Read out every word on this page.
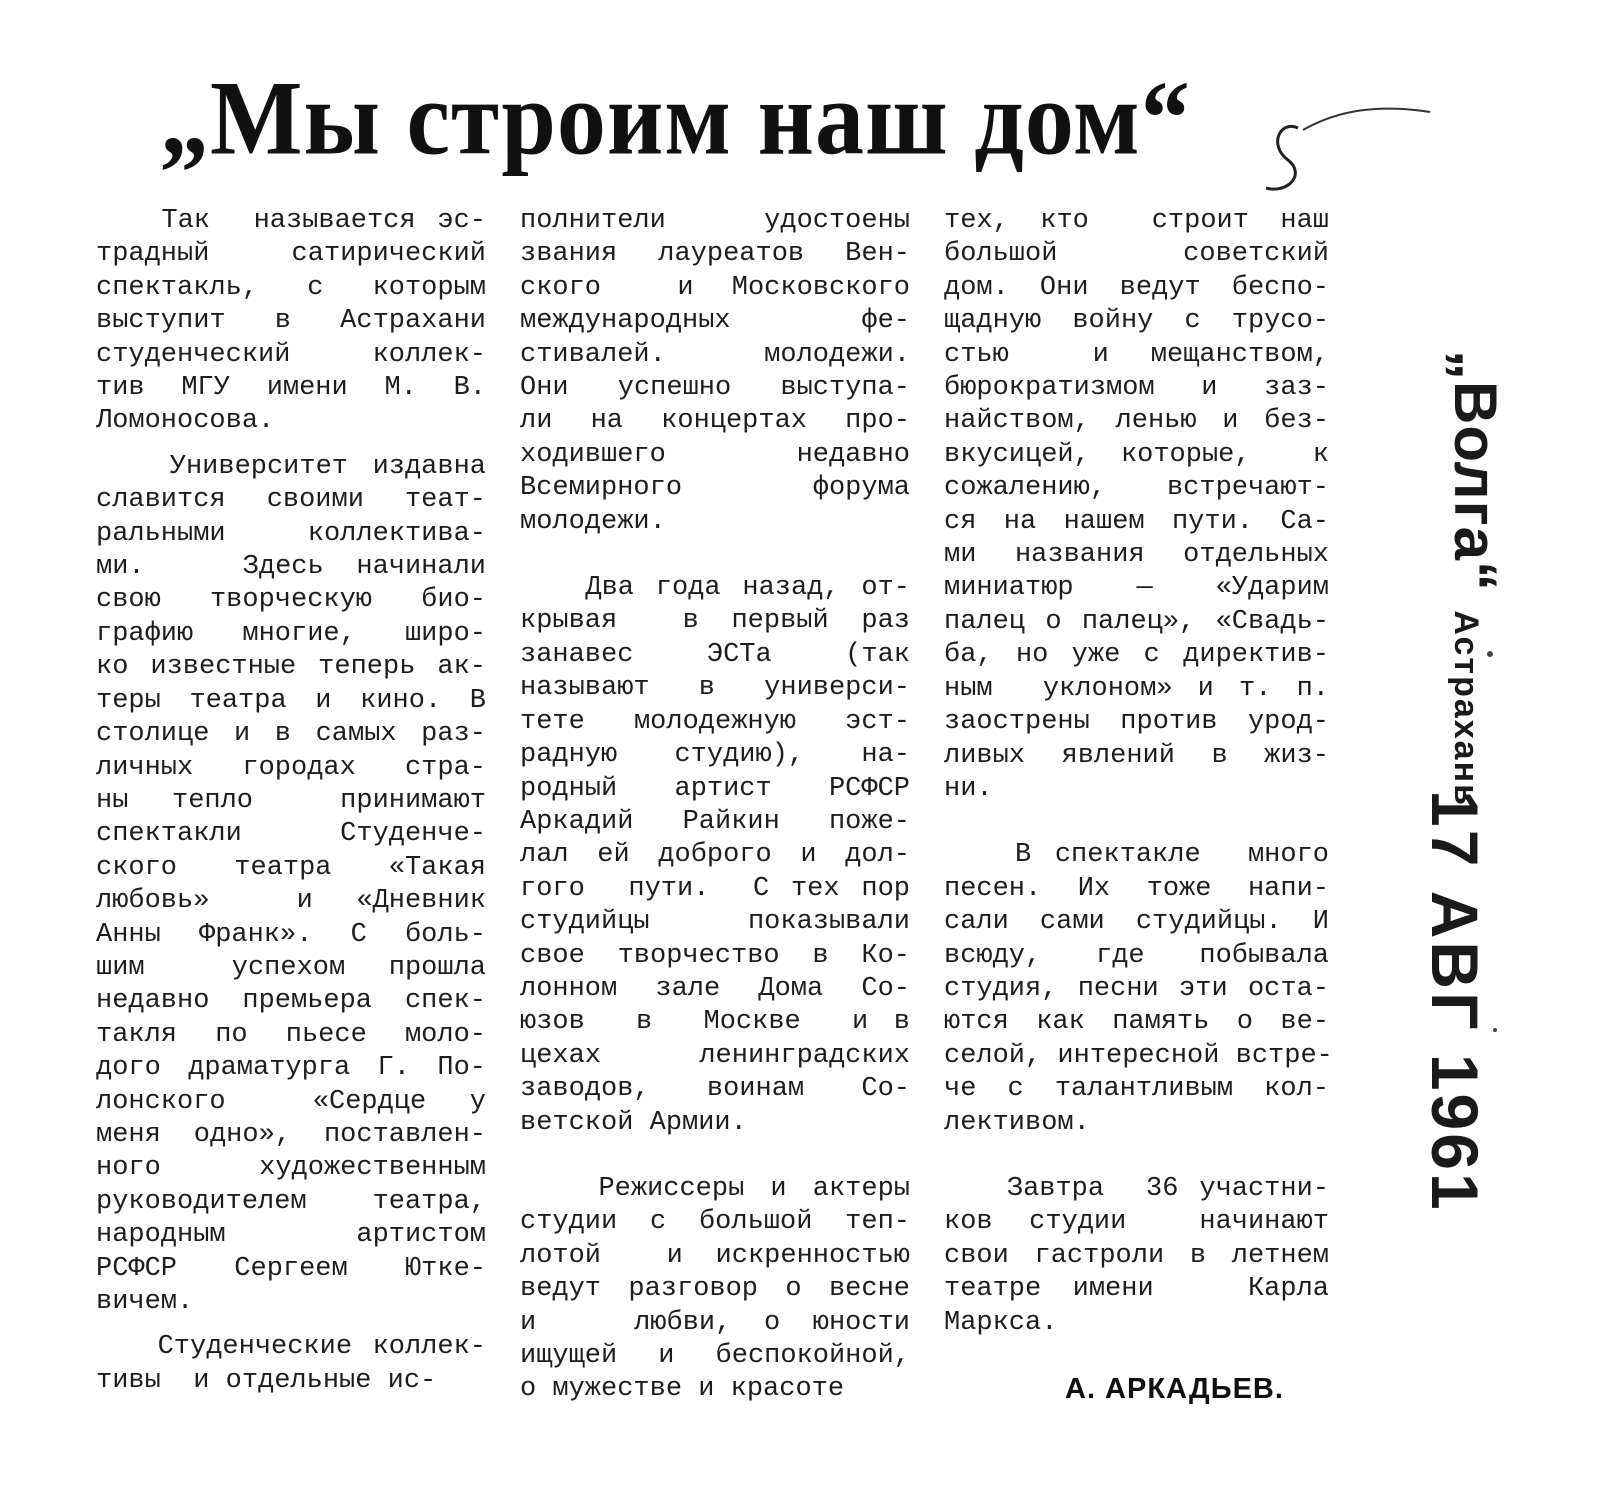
„Мы строим наш дом“
Так  называется эс-
традный  сатирический
спектакль, с которым
выступит в Астрахани
студенческий  коллек-
тив МГУ имени М. В.
Ломоносова.
Университет издавна
славится своими теат-
ральными коллектива-
ми.   Здесь начинали
свою творческую био-
графию многие, широ-
ко известные теперь ак-
теры театра и кино. В
столице и в самых раз-
личных  городах  стра-
ны тепло  принимают
спектакли  Студенче-
ского  театра  «Такая
любовь»  и «Дневник
Анны Франк». С боль-
шим  успехом прошла
недавно премьера спек-
такля по пьесе моло-
дого драматурга Г. По-
лонского  «Сердце у
меня одно», поставлен-
ного  художественным
руководителем театра,
народным   артистом
РСФСР Сергеем Ютке-
вичем.
Студенческие коллек-
тивы  и отдельные ис-
полнители  удостоены
звания лауреатов Вен-
ского  и Московского
международных   фе-
стивалей.  молодежи.
Они успешно выступа-
ли на концертах про-
ходившего   недавно
Всемирного   форума
молодежи.
Два года назад, от-
крывая  в первый раз
занавес  ЭСТа  (так
называют в универси-
тете молодежную эст-
радную  студию),  на-
родный артист РСФСР
Аркадий Райкин поже-
лал ей доброго и дол-
гого  пути.  С тех пор
студийцы   показывали
свое творчество в Ко-
лонном зале Дома Со-
юзов  в  Москве  и в
цехах  ленинградских
заводов,  воинам  Со-
ветской Армии.
Режиссеры и актеры
студии с большой теп-
лотой  и искренностью
ведут разговор о весне
и   любви, о юности
ищущей и беспокойной,
о мужестве и красоте
тех, кто  строит наш
большой    советский
дом. Они ведут беспо-
щадную войну с трусо-
стью  и мещанством,
бюрократизмом и заз-
найством, ленью и без-
вкусицей, которые,  к
сожалению, встречают-
ся на нашем пути. Са-
ми названия отдельных
миниатюр — «Ударим
палец о палец», «Свадь-
ба, но уже с директив-
ным  уклоном» и т. п.
заострены против урод-
ливых явлений в жиз-
ни.
В спектакле  много
песен. Их тоже напи-
сали сами студийцы. И
всюду,  где  побывала
студия, песни эти оста-
ются как память о ве-
селой, интересной встре-
че с талантливым кол-
лективом.
Завтра  36 участни-
ков студии  начинают
свои гастроли в летнем
театре имени   Карла
Маркса.
А. АРКАДЬЕВ.
„Волга“ Астрахань
17 АВГ 1961
